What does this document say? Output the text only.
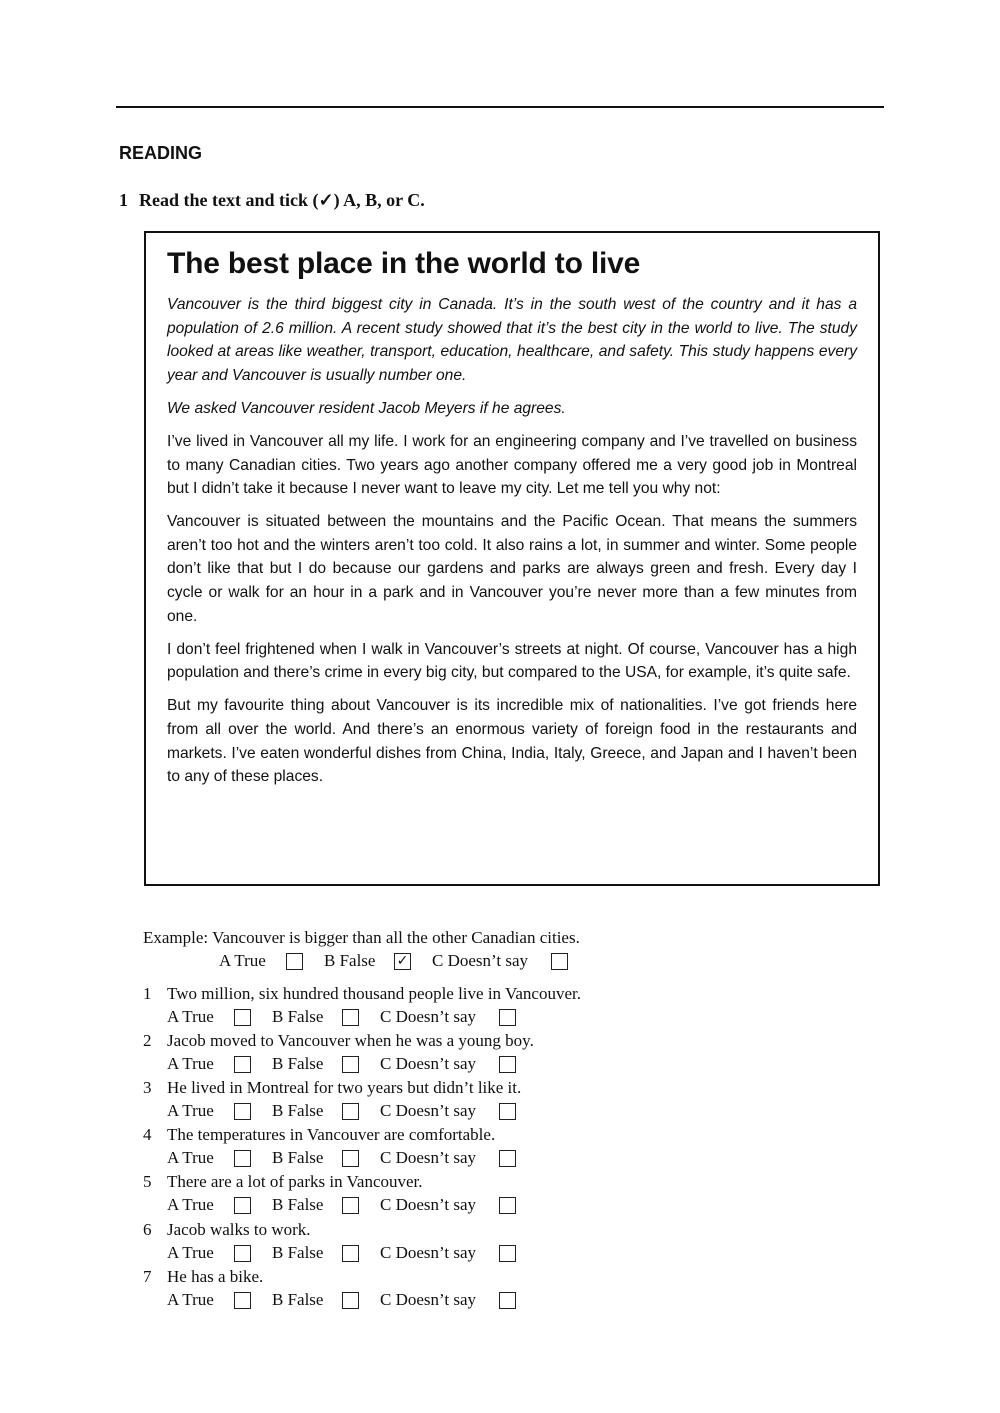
READING
1 Read the text and tick (✓) A, B, or C.
The best place in the world to live

Vancouver is the third biggest city in Canada. It’s in the south west of the country and it has a population of 2.6 million. A recent study showed that it’s the best city in the world to live. The study looked at areas like weather, transport, education, healthcare, and safety. This study happens every year and Vancouver is usually number one.

We asked Vancouver resident Jacob Meyers if he agrees.

I’ve lived in Vancouver all my life. I work for an engineering company and I’ve travelled on business to many Canadian cities. Two years ago another company offered me a very good job in Montreal but I didn’t take it because I never want to leave my city. Let me tell you why not:

Vancouver is situated between the mountains and the Pacific Ocean. That means the summers aren’t too hot and the winters aren’t too cold. It also rains a lot, in summer and winter. Some people don’t like that but I do because our gardens and parks are always green and fresh. Every day I cycle or walk for an hour in a park and in Vancouver you’re never more than a few minutes from one.

I don’t feel frightened when I walk in Vancouver’s streets at night. Of course, Vancouver has a high population and there’s crime in every big city, but compared to the USA, for example, it’s quite safe.

But my favourite thing about Vancouver is its incredible mix of nationalities. I’ve got friends here from all over the world. And there’s an enormous variety of foreign food in the restaurants and markets. I’ve eaten wonderful dishes from China, India, Italy, Greece, and Japan and I haven’t been to any of these places.

Example: Vancouver is bigger than all the other Canadian cities.
A True	B False ✓ C Doesn’t say
1 Two million, six hundred thousand people live in Vancouver.
A True	B False	C Doesn’t say
2 Jacob moved to Vancouver when he was a young boy.
A True	B False	C Doesn’t say
3 He lived in Montreal for two years but didn’t like it.
A True	B False	C Doesn’t say
4 The temperatures in Vancouver are comfortable.
A True	B False	C Doesn’t say
5 There are a lot of parks in Vancouver.
A True	B False	C Doesn’t say
6 Jacob walks to work.
A True	B False	C Doesn’t say
7 He has a bike.
A True	B False	C Doesn’t say
